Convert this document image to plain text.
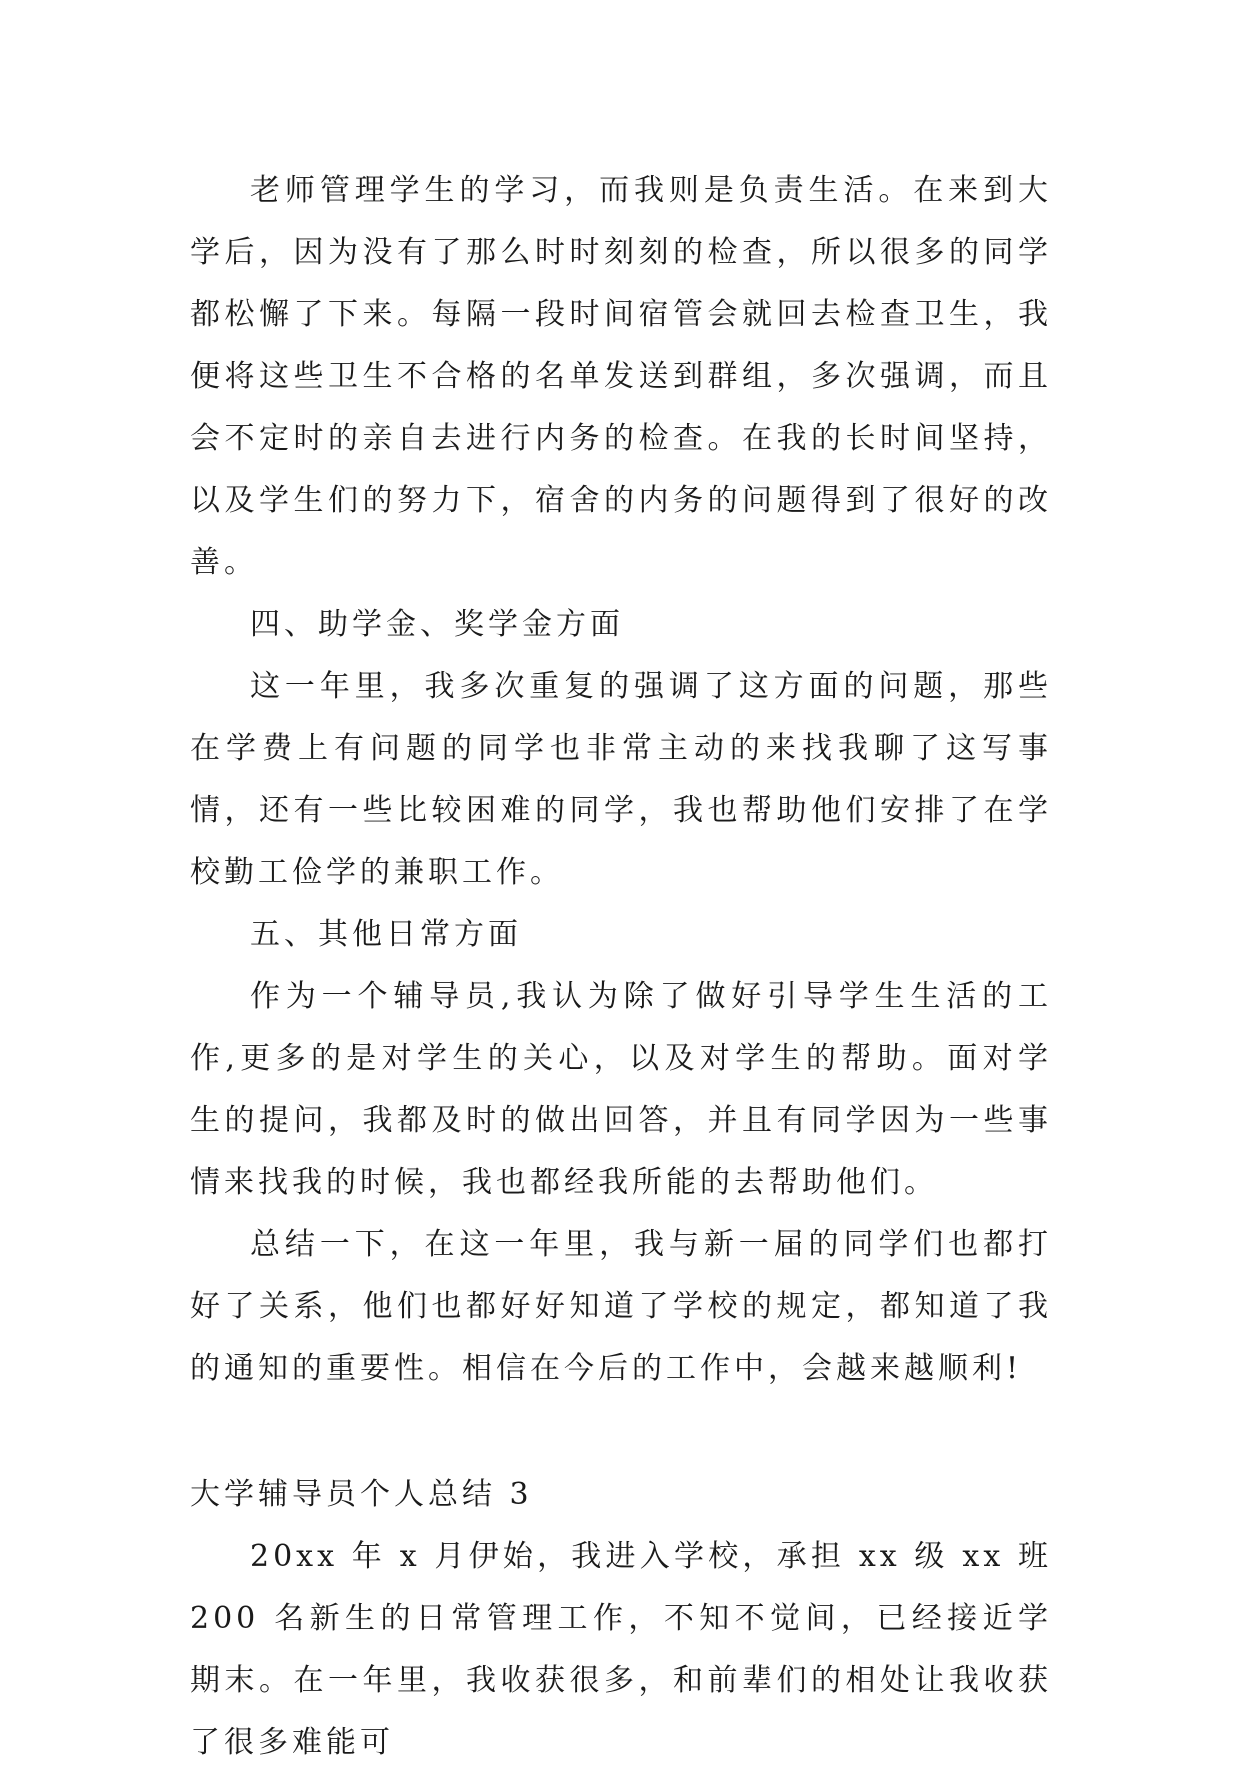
老师管理学生的学习，而我则是负责生活。在来到大学后，因为没有了那么时时刻刻的检查，所以很多的同学都松懈了下来。每隔一段时间宿管会就回去检查卫生，我便将这些卫生不合格的名单发送到群组，多次强调，而且会不定时的亲自去进行内务的检查。在我的长时间坚持，以及学生们的努力下，宿舍的内务的问题得到了很好的改善。

四、助学金、奖学金方面

这一年里，我多次重复的强调了这方面的问题，那些在学费上有问题的同学也非常主动的来找我聊了这写事情，还有一些比较困难的同学，我也帮助他们安排了在学校勤工俭学的兼职工作。

五、其他日常方面

作为一个辅导员,我认为除了做好引导学生生活的工作,更多的是对学生的关心，以及对学生的帮助。面对学生的提问，我都及时的做出回答，并且有同学因为一些事情来找我的时候，我也都经我所能的去帮助他们。

总结一下，在这一年里，我与新一届的同学们也都打好了关系，他们也都好好知道了学校的规定，都知道了我的通知的重要性。相信在今后的工作中，会越来越顺利!

大学辅导员个人总结 3

20xx 年 x 月伊始，我进入学校，承担 xx 级 xx 班 200 名新生的日常管理工作，不知不觉间，已经接近学期末。在一年里，我收获很多，和前辈们的相处让我收获了很多难能可
